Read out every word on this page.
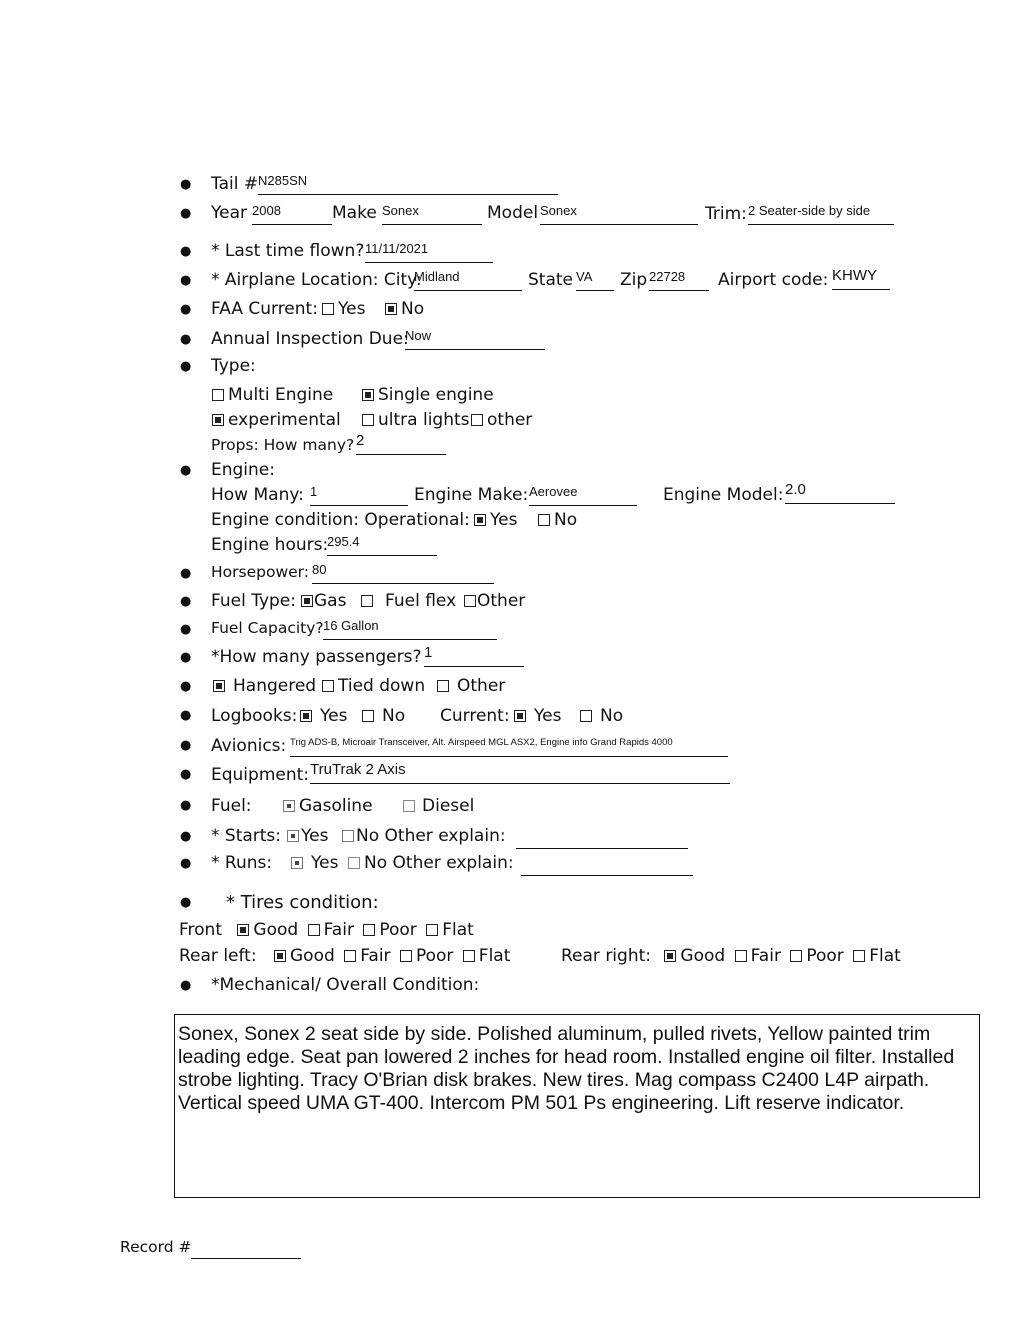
●
●
●
●
●
●
●
●
●
●
●
●
●
●
●
●
●
●
●
●
●
Tail # N285SN
Year 2008	Make Sonex	Model Sonex	Trim: 2 Seater-side by side
* Last time flown? 11/11/2021
* Airplane Location: City:
Midland	State VA	Zip 22728	Airport code: KHWY
FAA Current:	Yes	No
Annual Inspection Due:
Now
Type:
Multi Engine	Single engine
experimental	ultra lights	other
Props: How many? 2
Engine:
How Many: 1	Engine Make: Aerovee	Engine Model: 2.0
Engine condition: Operational:	Yes	No
Engine hours:
295.4
Horsepower: 80
Fuel Type:	Gas	Fuel flex	Other
Fuel Capacity? 16 Gallon
*How many passengers? 1
Hangered	Tied down	Other
Logbooks:	Yes	No Current:	Yes	No
Avionics: Trig ADS-B, Microair Transceiver, Alt. Airspeed MGL ASX2, Engine info Grand Rapids 4000
Equipment: TruTrak 2 Axis
Fuel:	Gasoline	Diesel
* Starts:	Yes	No Other explain:
* Runs:	Yes	No Other explain:
* Tires condition:
Front Good Fair Poor Flat
Rear left: Good Fair Poor Flat	Rear right: Good Fair Poor Flat
*Mechanical/ Overall Condition:
Sonex, Sonex 2 seat side by side. Polished aluminum, pulled rivets, Yellow painted trim leading edge. Seat pan lowered 2 inches for head room. Installed engine oil filter. Installed strobe lighting. Tracy O'Brian disk brakes. New tires. Mag compass C2400 L4P airpath. Vertical speed UMA GT-400. Intercom PM 501 Ps engineering. Lift reserve indicator.
Record #
